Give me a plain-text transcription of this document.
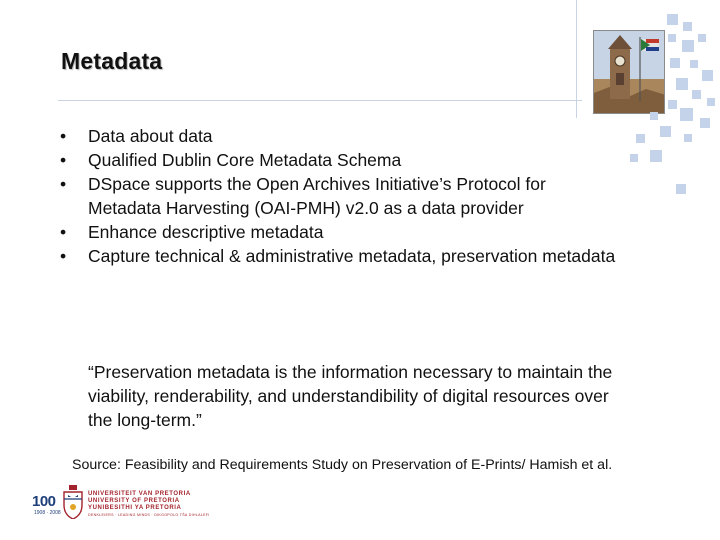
Metadata
•	Data about data
•	Qualified Dublin Core Metadata Schema
•	DSpace supports the Open Archives Initiative’s Protocol for Metadata Harvesting (OAI-PMH) v2.0 as a data provider
•	Enhance descriptive metadata
•	Capture technical & administrative metadata, preservation metadata
“Preservation metadata is the information necessary to maintain the viability, renderability, and understandibility of digital resources over the long-term.”
Source: Feasibility and Requirements Study on Preservation of E-Prints/ Hamish et al.
100
1908 · 2008
UNIVERSITEIT VAN PRETORIA
UNIVERSITY OF PRETORIA
YUNIBESITHI YA PRETORIA
DENKLEIERS · LEADING MINDS · DIKGOPOLO TŠA DIHLALEFI
